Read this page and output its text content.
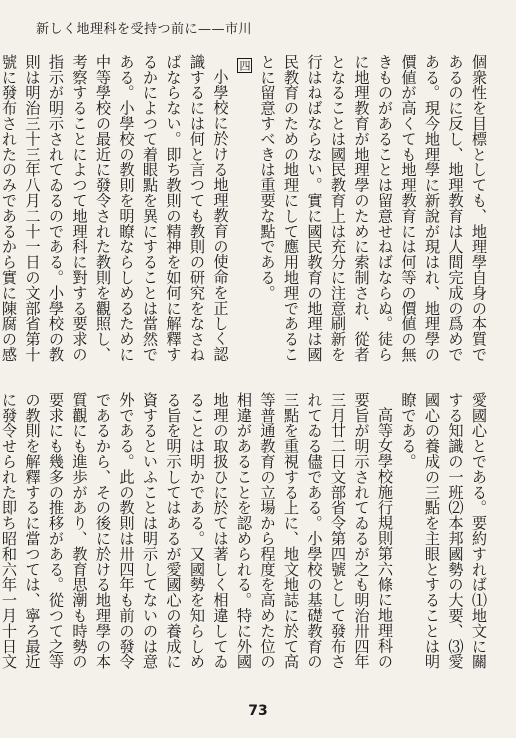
新しく地理科を受持つ前に——市川

個衆性を目標としても、地理學自身の本質であるのに反し、地理教育は人間完成の爲めである。現今地理學に新說が現はれ、地理學の價値が高くても地理教育には何等の價値の無きものがあることは留意せねばならぬ。徒らに地理教育が地理學のために索制され、從者となることは國民教育上は充分に注意刷新を行はねばならない。實に國民教育の地理は國民教育のための地理にして應用地理であることに留意すべきは重要な點である。

四

小學校に於ける地理教育の使命を正しく認識するには何と言つても教則の研究をなさねばならない。即ち教則の精神を如何に解釋するかによつて着眼點を異にすることは當然である。小學校の教則を明瞭ならしめるために中等學校の最近に發令された教則を觀照し、考察することによつて地理科に對する要求の指示が明示されてゐるのである。小學校の教則は明治三十三年八月二十一日の文部省第十號に發布されたのみであるから實に陳腐の感

愛國心とである。要約すれば⑴地文に關する知識の一班⑵本邦國勢の大要、⑶愛國心の養成の三點を主眼とすることは明瞭である。

高等女學校施行規則第六條に地理科の要旨が明示されてゐるが之も明治卅四年三月廿二日文部省令第四號として發布されてゐる儘である。小學校の基礎教育の三點を重視する上に、地文地誌に於て高等普通教育の立場から程度を高めた位の相違があることを認められる。特に外國地理の取扱ひに於ては著しく相違してゐることは明かである。又國勢を知らしめる旨を明示してはあるが愛國心の養成に資するといふことは明示してないのは意外である。此の教則は卅四年も前の發令であるから、その後に於ける地理學の本質觀にも進歩があり、教育思潮も時勢の要求にも幾多の推移がある。從つて之等の教則を解釋するに當つては、寧ろ最近に發令せられた即ち昭和六年一月十日文

73
